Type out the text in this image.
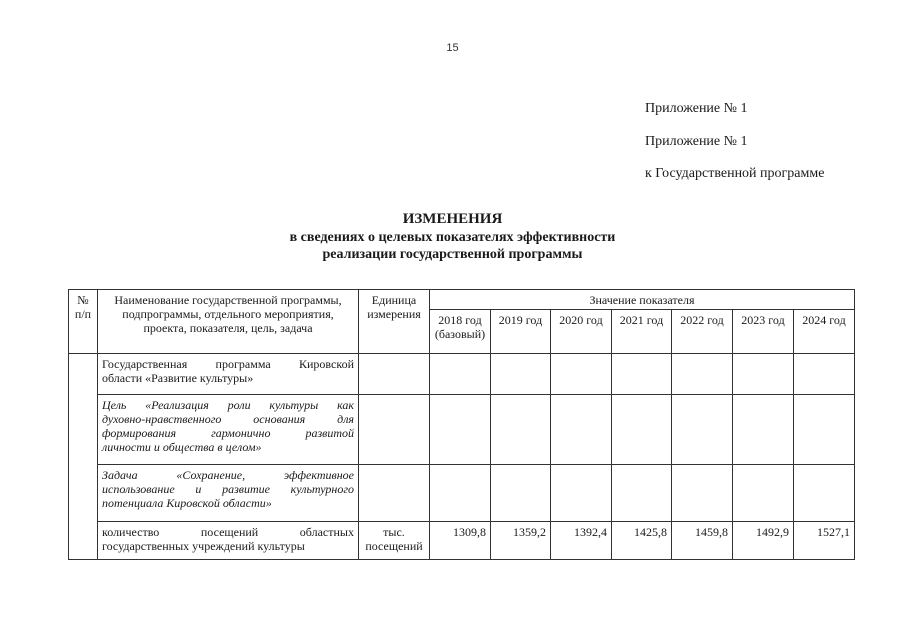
15
Приложение № 1
Приложение № 1
к Государственной программе
ИЗМЕНЕНИЯ
в сведениях о целевых показателях эффективности
реализации государственной программы
№ п/п	Наименование государственной программы, подпрограммы, отдельного мероприятия, проекта, показателя, цель, задача	Единица измерения	Значение показателя						
			2018 год (базовый)	2019 год	2020 год	2021 год	2022 год	2023 год	2024 год

	Государственная программа Кировской
области «Развитие культуры»								

	Цель «Реализация роли культуры как
духовно-нравственного основания для
формирования гармонично развитой
личности и общества в целом»								

	Задача «Сохранение, эффективное
использование и развитие культурного
потенциала Кировской области»								

	количество посещений областных
государственных учреждений культуры	тыс.
посещений	1309,8	1359,2	1392,4	1425,8	1459,8	1492,9	1527,1
